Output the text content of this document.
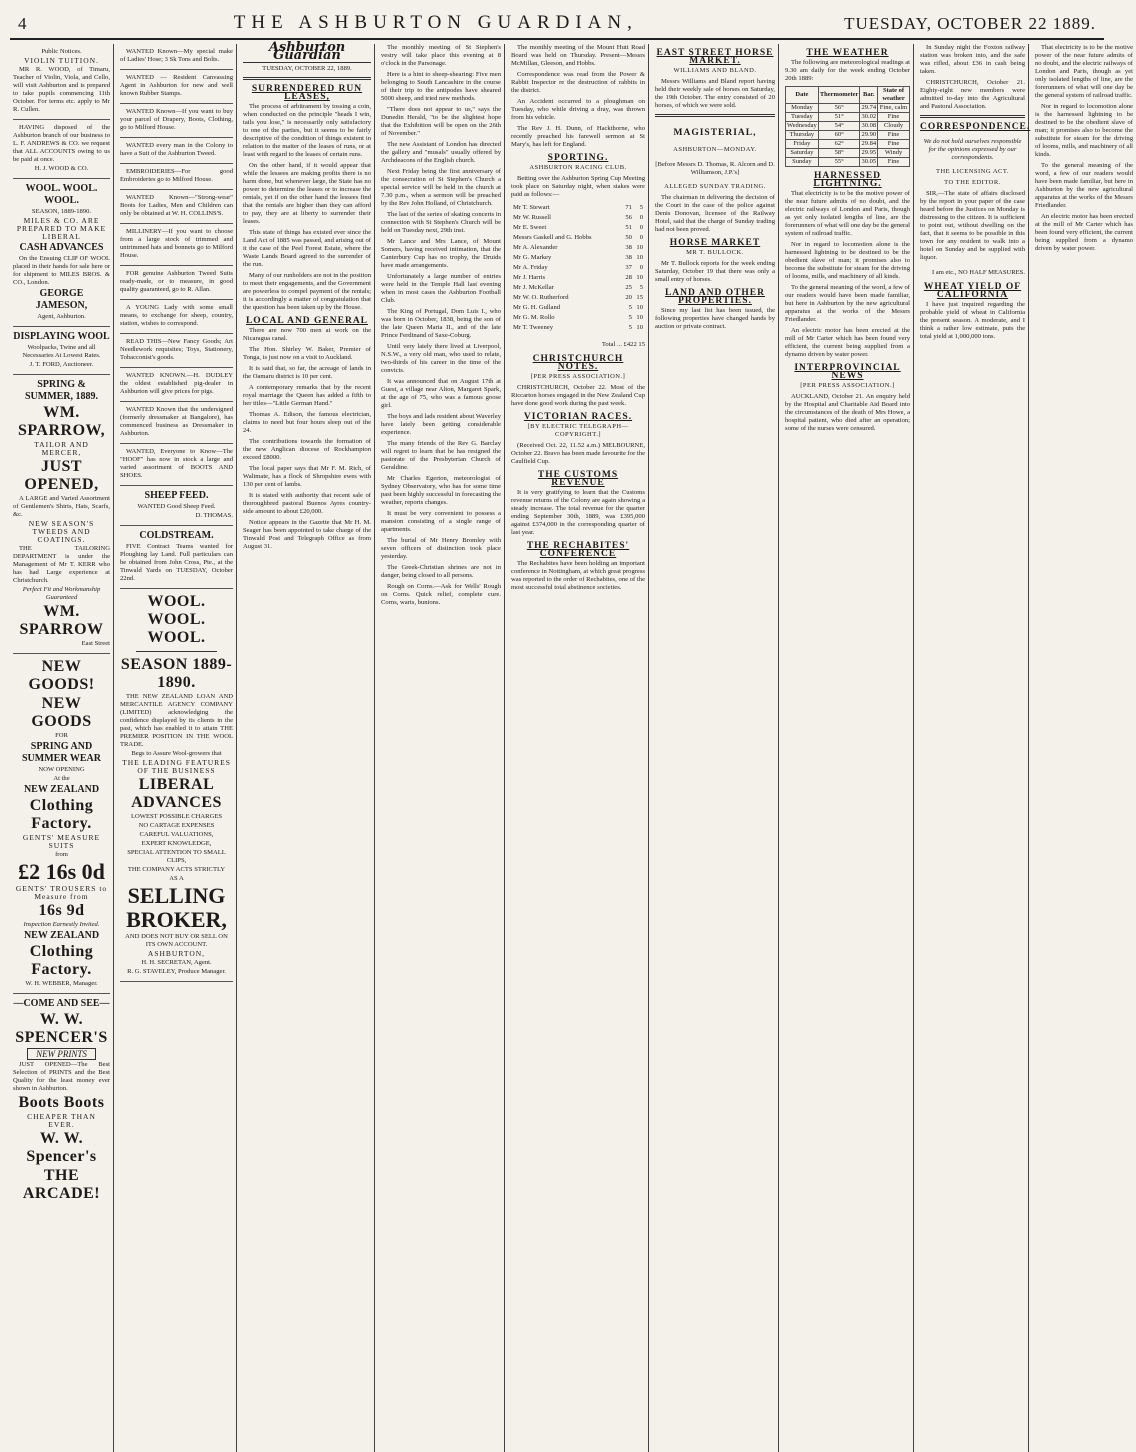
4	THE ASHBURTON GUARDIAN,	TUESDAY, OCTOBER 22 1889.

Public Notices.

VIOLIN TUITION.

MR R. WOOD, of Timaru, Teacher of Violin, Viola, and Cello, will visit Ashburton and is prepared to take pupils commencing 11th October. For terms etc. apply to Mr R. Cullen.

HAVING disposed of the Ashburton branch of our business to L. F. ANDREWS & CO. we request that ALL ACCOUNTS owing to us be paid at once.

H. J. WOOD & CO.

WOOL. WOOL. WOOL.

SEASON, 1889-1890.

MILES & CO. ARE PREPARED TO MAKE LIBERAL

CASH ADVANCES

On the Ensuing CLIP OF WOOL placed in their hands for sale here or for shipment to MILES BROS. & CO., London.

GEORGE JAMESON,

Agent, Ashburton.

DISPLAYING WOOL

Woolpacks, Twine and all Necessaries At Lowest Rates.

J. T. FORD, Auctioneer.

SPRING & SUMMER, 1889.

WM. SPARROW,

TAILOR AND MERCER,

JUST OPENED,

A LARGE and Varied Assortment of Gentlemen's Shirts, Hats, Scarfs, &c.

NEW SEASON'S TWEEDS AND COATINGS.

THE TAILORING DEPARTMENT is under the Management of Mr T. KERR who has had Large experience at Christchurch.

Perfect Fit and Workmanship Guaranteed

WM. SPARROW

East Street

NEW GOODS!

NEW GOODS

FOR

SPRING AND SUMMER WEAR

NOW OPENING

At the

NEW ZEALAND

Clothing Factory.

GENTS' MEASURE SUITS

from

£2 16s 0d

GENTS' TROUSERS to Measure from

16s 9d

Inspection Earnestly Invited.

NEW ZEALAND

Clothing Factory.

W. H. WEBBER, Manager.

—COME AND SEE—

W. W. SPENCER'S

NEW PRINTS

JUST OPENED—The Best Selection of PRINTS and the Best Quality for the least money ever shown in Ashburton.

Boots Boots

CHEAPER THAN EVER.

W. W. Spencer's

THE ARCADE!

WANTED Known—My special make of Ladies' Hose; 3 Sk Tons and Bolts.

WANTED — Resident Canvassing Agent in Ashburton for new and well known Rubber Stamps.

WANTED Known—If you want to buy your parcel of Drapery, Boots, Clothing, go to Milford House.

WANTED every man in the Colony to have a Suit of the Ashburton Tweed.

EMBROIDERIES—For good Embroideries go to Milford House.

WANTED Known—"Strong-wear" Boots for Ladies, Men and Children can only be obtained at W. H. COLLINS'S.

MILLINERY—If you want to choose from a large stock of trimmed and untrimmed hats and bonnets go to Milford House.

FOR genuine Ashburton Tweed Suits ready-made, or to measure, in good quality guaranteed, go to R. Allan.

A YOUNG Lady with some small means, to exchange for sheep, country, station, wishes to correspond.

READ THIS—New Fancy Goods; Art Needlework requisites; Toys, Stationery, Tobacconist's goods.

WANTED KNOWN.—H. DUDLEY the oldest established pig-dealer in Ashburton will give prices for pigs.

WANTED Known that the undersigned (formerly dressmaker at Bangalore), has commenced business as Dressmaker in Ashburton.

WANTED, Everyone to Know—The "HOOF" has now in stock a large and varied assortment of BOOTS AND SHOES.

SHEEP FEED.

WANTED Good Sheep Feed.

D. THOMAS.

COLDSTREAM.

FIVE Contract Teams wanted for Ploughing lay Land. Full particulars can be obtained from John Cross, Pte., at the Tinwald Yards on TUESDAY, October 22nd.

WOOL. WOOL. WOOL.

SEASON 1889-1890.

THE NEW ZEALAND LOAN AND MERCANTILE AGENCY COMPANY (LIMITED) acknowledging the confidence displayed by its clients in the past, which has enabled it to attain THE PREMIER POSITION IN THE WOOL TRADE.

Begs to Assure Wool-growers that

THE LEADING FEATURES OF THE BUSINESS

LIBERAL ADVANCES

LOWEST POSSIBLE CHARGES

NO CARTAGE EXPENSES

CAREFUL VALUATIONS,

EXPERT KNOWLEDGE,

SPECIAL ATTENTION TO SMALL CLIPS,

THE COMPANY ACTS STRICTLY

AS A

SELLING BROKER,

AND DOES NOT BUY OR SELL ON ITS OWN ACCOUNT.

ASHBURTON,

H. H. SECRETAN, Agent.

R. G. STAVELEY, Produce Manager.

Ashburton Guardian
TUESDAY, OCTOBER 22, 1889.
SURRENDERED RUN LEASES,

The process of arbitrament by tossing a coin, when conducted on the principle "heads I win, tails you lose," is necessarily only satisfactory to one of the parties, but it seems to be fairly descriptive of the condition of things existent in relation to the matter of the leases of runs, or at least with regard to the leases of certain runs.

On the other hand, if it would appear that while the lessees are making profits there is no harm done, but whenever large, the State has no power to determine the leases or to increase the rentals, yet if on the other hand the lessees find that the rentals are higher than they can afford to pay, they are at liberty to surrender their leases.

This state of things has existed ever since the Land Act of 1885 was passed, and arising out of it the case of the Peel Forest Estate, where the Waste Lands Board agreed to the surrender of the run.

Many of our runholders are not in the position to meet their engagements, and the Government are powerless to compel payment of the rentals; it is accordingly a matter of congratulation that the question has been taken up by the House.

LOCAL AND GENERAL

There are now 700 men at work on the Nicaragua canal.

The Hon. Shirley W. Baker, Premier of Tonga, is just now on a visit to Auckland.

It is said that, so far, the acreage of lands in the Oamaru district is 10 per cent.

A contemporary remarks that by the recent royal marriage the Queen has added a fifth to her titles—"Little German Hand."

Thomas A. Edison, the famous electrician, claims to need but four hours sleep out of the 24.

The contributions towards the formation of the new Anglican diocese of Rockhampton exceed £8000.

The local paper says that Mr F. M. Rich, of Walimate, has a flock of Shropshire ewes with 130 per cent of lambs.

It is stated with authority that recent sale of thoroughbred pastoral Buenos Ayres country-side amount to about £20,000.

Notice appears in the Gazette that Mr H. M. Seager has been appointed to take charge of the Tinwald Post and Telegraph Office as from August 31.

The monthly meeting of St Stephen's vestry will take place this evening at 8 o'clock in the Parsonage.

Here is a hint to sheep-shearing: Five men belonging to South Lancashire in the course of their trip to the antipodes have sheared 5000 sheep, and tried new methods.

"There does not appear to us," says the Dunedin Herald, "to be the slightest hope that the Exhibition will be open on the 26th of November."

The new Assistant of London has directed the gallery and "musals" usually offered by Archdeacons of the English church.

Next Friday being the first anniversary of the consecration of St Stephen's Church a special service will be held in the church at 7.30 p.m., when a sermon will be preached by the Rev John Holland, of Christchurch.

The last of the series of skating concerts in connection with St Stephen's Church will be held on Tuesday next, 29th inst.

Mr Lance and Mrs Lance, of Mount Somers, having received intimation, that the Canterbury Cup has no trophy, the Druids have made arrangements.

Unfortunately a large number of entries were held in the Temple Hall last evening when in most cases the Ashburton Football Club.

The King of Portugal, Dom Luis I., who was born in October, 1838, being the son of the late Queen Maria II., and of the late Prince Ferdinand of Saxe-Coburg.

Until very lately there lived at Liverpool, N.S.W., a very old man, who used to relate, two-thirds of his career in the time of the convicts.

It was announced that on August 17th at Guest, a village near Alton, Margaret Spark, at the age of 75, who was a famous goose girl.

The boys and lads resident about Waverley have lately been getting considerable experience.

The many friends of the Rev G. Barclay will regret to learn that he has resigned the pastorate of the Presbyterian Church of Geraldine.

Mr Charles Egerton, meteorologist of Sydney Observatory, who has for some time past been highly successful in forecasting the weather, reports changes.

It must be very convenient to possess a mansion consisting of a single range of apartments.

The burial of Mr Henry Bromley with seven officers of distinction took place yesterday.

The Greek-Christian shrines are not in danger, being closed to all persons.

Rough on Corns.—Ask for Wells' Rough on Corns. Quick relief, complete cure. Corns, warts, bunions.

The monthly meeting of the Mount Hutt Road Board was held on Thursday. Present—Messrs McMillan, Gleeson, and Hobbs.

Correspondence was read from the Power & Rabbit Inspector re the destruction of rabbits in the district.

An Accident occurred to a ploughman on Tuesday, who while driving a dray, was thrown from his vehicle.

The Rev J. H. Dunn, of Hackthorne, who recently preached his farewell sermon at St Mary's, has left for England.

SPORTING.
ASHBURTON RACING CLUB.

Betting over the Ashburton Spring Cup Meeting took place on Saturday night, when stakes were paid as follows:—

Mr T. Stewart	71	5
Mr W. Russell	56	0
Mr E. Sweet	51	0
Messrs Gaskell and G. Hobbs	50	0
Mr A. Alexander	38	10
Mr G. Markey	38	10
Mr A. Friday	37	0
Mr J. Harris	28	10
Mr J. McKellar	25	5
Mr W. O. Rutherford	20	15
Mr G. H. Gulland	5	10
Mr G. M. Rollo	5	10
Mr T. Tweeney	5	10

Total ... £422 15

CHRISTCHURCH NOTES.
[PER PRESS ASSOCIATION.]

CHRISTCHURCH, October 22. Most of the Riccarton horses engaged in the New Zealand Cup have done good work during the past week.

VICTORIAN RACES.
[BY ELECTRIC TELEGRAPH—COPYRIGHT.]

(Received Oct. 22, 11.52 a.m.) MELBOURNE, October 22. Bravo has been made favourite for the Caulfield Cup.

THE CUSTOMS REVENUE

It is very gratifying to learn that the Customs revenue returns of the Colony are again showing a steady increase. The total revenue for the quarter ending September 30th, 1889, was £395,000 against £374,000 in the corresponding quarter of last year.

THE RECHABITES' CONFERENCE

The Rechabites have been holding an important conference in Nottingham, at which great progress was reported to the order of Rechabites, one of the most successful total abstinence societies.

EAST STREET HORSE MARKET.
WILLIAMS AND BLAND.

Messrs Williams and Bland report having held their weekly sale of horses on Saturday, the 19th October. The entry consisted of 20 horses, of which we were sold.

MAGISTERIAL,
ASHBURTON—MONDAY.

[Before Messrs D. Thomas, R. Alcorn and D. Williamson, J.P.'s]

ALLEGED SUNDAY TRADING.

The chairman in delivering the decision of the Court in the case of the police against Denis Donovan, licensee of the Railway Hotel, said that the charge of Sunday trading had not been proved.

HORSE MARKET
MR T. BULLOCK.

Mr T. Bullock reports for the week ending Saturday, October 19 that there was only a small entry of horses.

LAND AND OTHER PROPERTIES.

Since my last list has been issued, the following properties have changed hands by auction or private contract.

THE WEATHER

The following are meteorological readings at 9.30 am daily for the week ending October 20th 1889:

Date	Thermometer	Bar.	State of weather
Monday	56°	29.74	Fine, calm
Tuesday	51°	30.02	Fine
Wednesday	54°	30.08	Cloudy
Thursday	60°	29.90	Fine
Friday	62°	29.84	Fine
Saturday	58°	29.95	Windy
Sunday	55°	30.05	Fine
HARNESSED LIGHTNING.

That electricity is to be the motive power of the near future admits of no doubt, and the electric railways of London and Paris, though as yet only isolated lengths of line, are the forerunners of what will one day be the general system of railroad traffic.

Nor in regard to locomotion alone is the harnessed lightning to be destined to be the obedient slave of man; it promises also to become the substitute for steam for the driving of looms, mills, and machinery of all kinds.

To the general meaning of the word, a few of our readers would have been made familiar, but here in Ashburton by the new agricultural apparatus at the works of the Messrs Friedlander.

An electric motor has been erected at the mill of Mr Carter which has been found very efficient, the current being supplied from a dynamo driven by water power.

INTERPROVINCIAL NEWS
[PER PRESS ASSOCIATION.]

AUCKLAND, October 21. An enquiry held by the Hospital and Charitable Aid Board into the circumstances of the death of Mrs Howe, a hospital patient, who died after an operation; some of the nurses were censured.

In Sunday night the Foxton railway station was broken into, and the safe was rifled, about £36 in cash being taken.

CHRISTCHURCH, October 21. Eighty-eight new members were admitted to-day into the Agricultural and Pastoral Association.

CORRESPONDENCE.

We do not hold ourselves responsible for the opinions expressed by our correspondents.

THE LICENSING ACT.
TO THE EDITOR.

SIR,—The state of affairs disclosed by the report in your paper of the case heard before the Justices on Monday is distressing to the citizen. It is sufficient to point out, without dwelling on the fact, that it seems to be possible in this town for any resident to walk into a hotel on Sunday and be supplied with liquor.

I am etc., NO HALF MEASURES.

WHEAT YIELD OF CALIFORNIA

I have just inquired regarding the probable yield of wheat in California the present season. A moderate, and I think a rather low estimate, puts the total yield at 1,000,000 tons.

That electricity is to be the motive power of the near future admits of no doubt, and the electric railways of London and Paris, though as yet only isolated lengths of line, are the forerunners of what will one day be the general system of railroad traffic.

Nor in regard to locomotion alone is the harnessed lightning to be destined to be the obedient slave of man; it promises also to become the substitute for steam for the driving of looms, mills, and machinery of all kinds.

To the general meaning of the word, a few of our readers would have been made familiar, but here in Ashburton by the new agricultural apparatus at the works of the Messrs Friedlander.

An electric motor has been erected at the mill of Mr Carter which has been found very efficient, the current being supplied from a dynamo driven by water power.
